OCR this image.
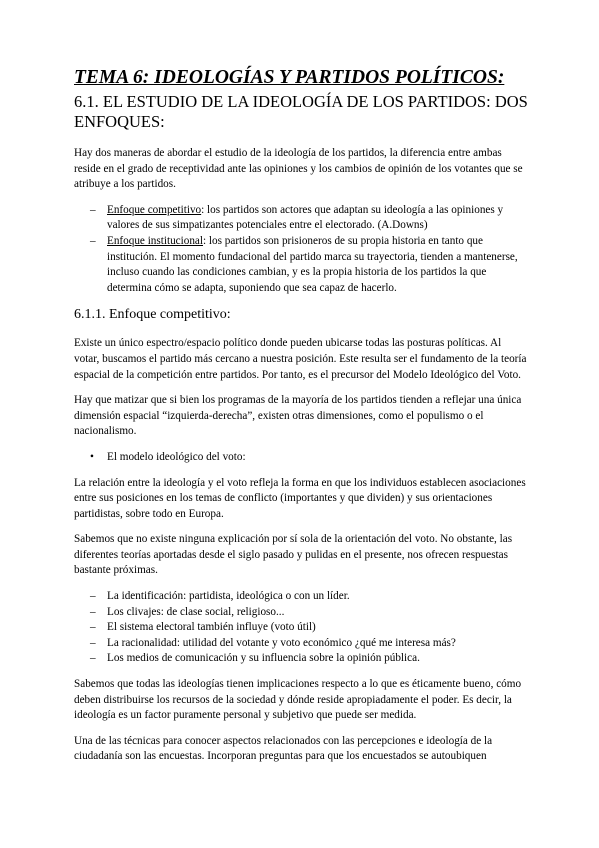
TEMA 6: IDEOLOGÍAS Y PARTIDOS POLÍTICOS:
6.1. EL ESTUDIO DE LA IDEOLOGÍA DE LOS PARTIDOS: DOS ENFOQUES:
Hay dos maneras de abordar el estudio de la ideología de los partidos, la diferencia entre ambas reside en el grado de receptividad ante las opiniones y los cambios de opinión de los votantes que se atribuye a los partidos.
– Enfoque competitivo: los partidos son actores que adaptan su ideología a las opiniones y valores de sus simpatizantes potenciales entre el electorado. (A.Downs)
– Enfoque institucional: los partidos son prisioneros de su propia historia en tanto que institución. El momento fundacional del partido marca su trayectoria, tienden a mantenerse, incluso cuando las condiciones cambian, y es la propia historia de los partidos la que determina cómo se adapta, suponiendo que sea capaz de hacerlo.
6.1.1. Enfoque competitivo:
Existe un único espectro/espacio político donde pueden ubicarse todas las posturas políticas. Al votar, buscamos el partido más cercano a nuestra posición. Este resulta ser el fundamento de la teoría espacial de la competición entre partidos. Por tanto, es el precursor del Modelo Ideológico del Voto.
Hay que matizar que si bien los programas de la mayoría de los partidos tienden a reflejar una única dimensión espacial “izquierda-derecha”, existen otras dimensiones, como el populismo o el nacionalismo.
• El modelo ideológico del voto:
La relación entre la ideología y el voto refleja la forma en que los individuos establecen asociaciones entre sus posiciones en los temas de conflicto (importantes y que dividen) y sus orientaciones partidistas, sobre todo en Europa.
Sabemos que no existe ninguna explicación por sí sola de la orientación del voto. No obstante, las diferentes teorías aportadas desde el siglo pasado y pulidas en el presente, nos ofrecen respuestas bastante próximas.
– La identificación: partidista, ideológica o con un líder.
– Los clivajes: de clase social, religioso...
– El sistema electoral también influye (voto útil)
– La racionalidad: utilidad del votante y voto económico ¿qué me interesa más?
– Los medios de comunicación y su influencia sobre la opinión pública.
Sabemos que todas las ideologías tienen implicaciones respecto a lo que es éticamente bueno, cómo deben distribuirse los recursos de la sociedad y dónde reside apropiadamente el poder. Es decir, la ideología es un factor puramente personal y subjetivo que puede ser medida.
Una de las técnicas para conocer aspectos relacionados con las percepciones e ideología de la ciudadanía son las encuestas. Incorporan preguntas para que los encuestados se autoubiquen
